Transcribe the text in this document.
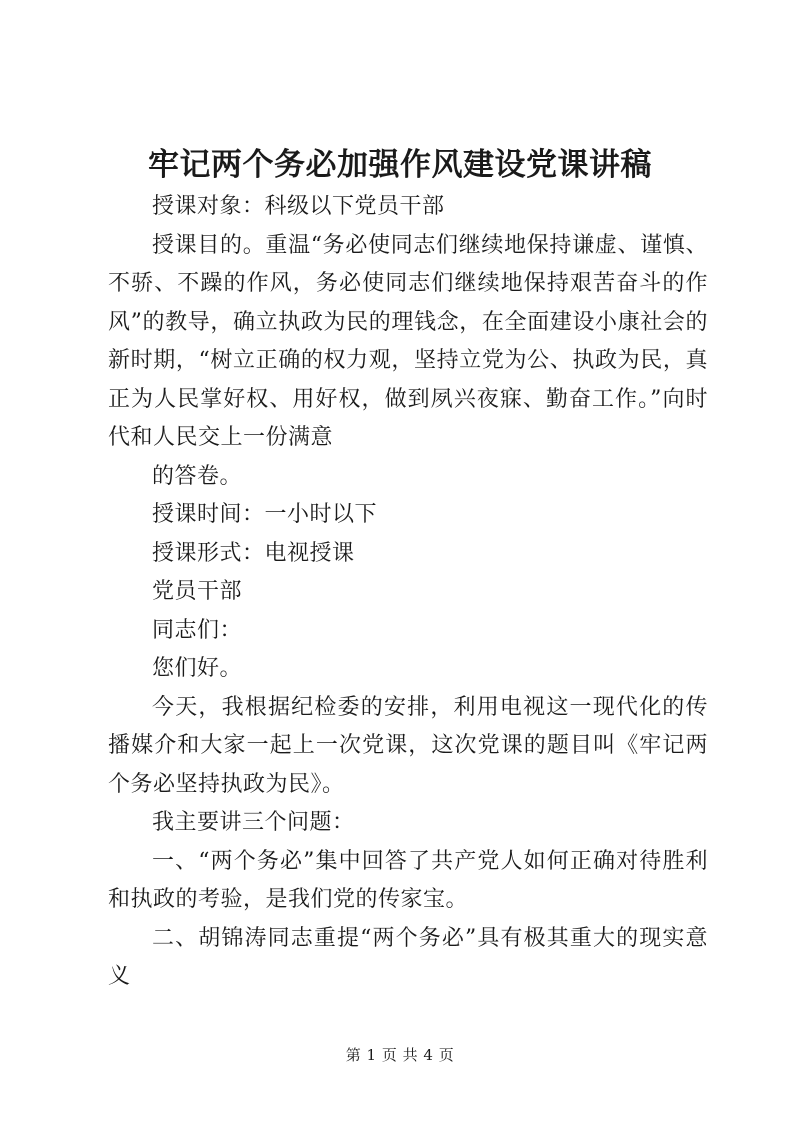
牢记两个务必加强作风建设党课讲稿

授课对象：科级以下党员干部

授课目的。重温“务必使同志们继续地保持谦虚、谨慎、不骄、不躁的作风，务必使同志们继续地保持艰苦奋斗的作风”的教导，确立执政为民的理钱念，在全面建设小康社会的新时期，“树立正确的权力观，坚持立党为公、执政为民，真正为人民掌好权、用好权，做到夙兴夜寐、勤奋工作。”向时代和人民交上一份满意

的答卷。

授课时间：一小时以下

授课形式：电视授课

党员干部

同志们：

您们好。

今天，我根据纪检委的安排，利用电视这一现代化的传播媒介和大家一起上一次党课，这次党课的题目叫《牢记两个务必坚持执政为民》。

我主要讲三个问题：

一、“两个务必”集中回答了共产党人如何正确对待胜利和执政的考验，是我们党的传家宝。

二、胡锦涛同志重提“两个务必”具有极其重大的现实意义

第 1 页 共 4 页
